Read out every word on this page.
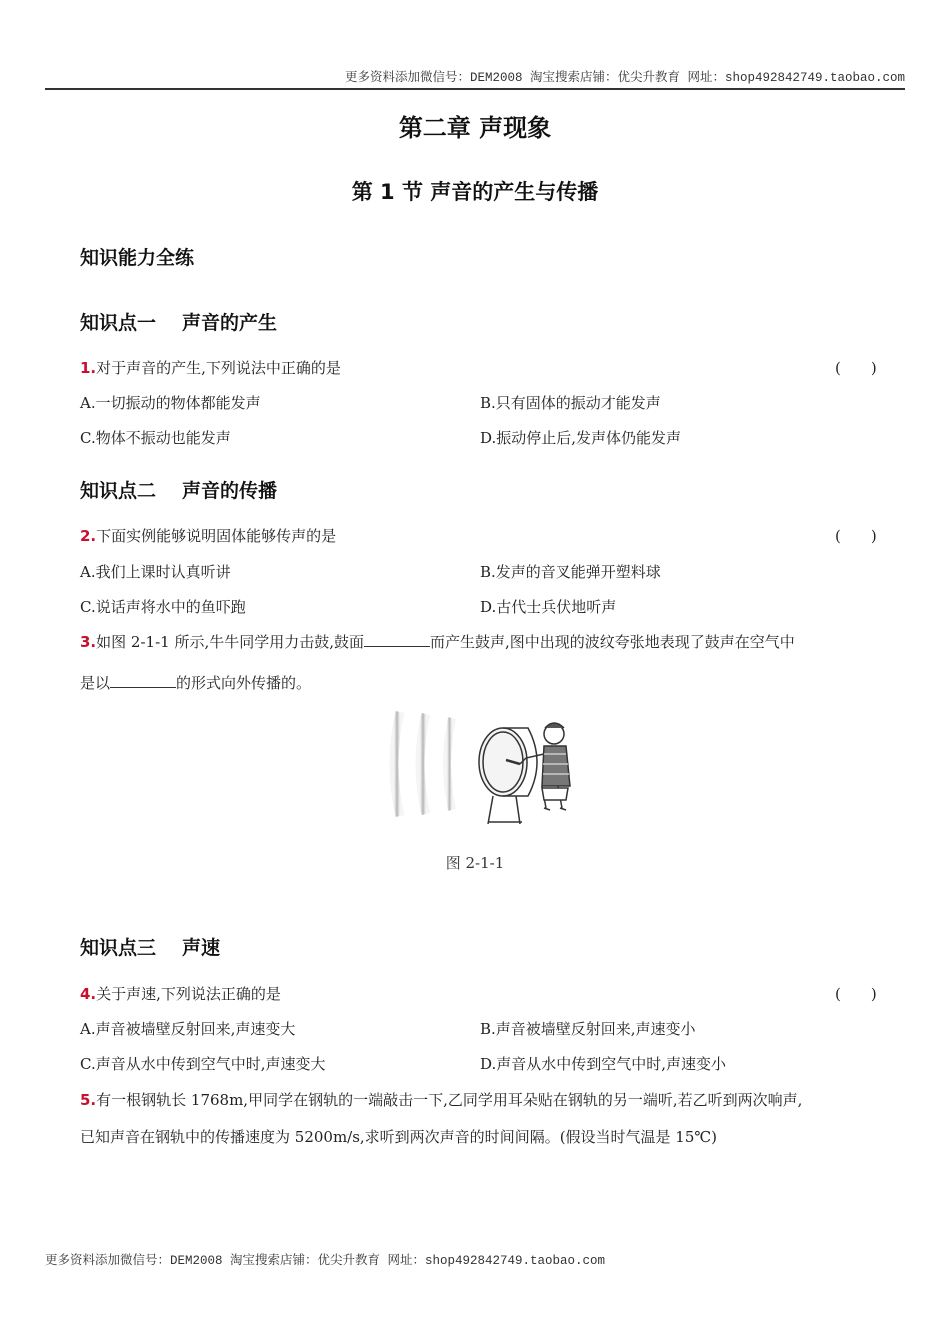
更多资料添加微信号：DEM2008 淘宝搜索店铺：优尖升教育 网址：shop492842749.taobao.com
第二章 声现象
第 1 节 声音的产生与传播
知识能力全练
知识点一 声音的产生
1.对于声音的产生,下列说法中正确的是	(　　)
A.一切振动的物体都能发声	B.只有固体的振动才能发声
C.物体不振动也能发声	D.振动停止后,发声体仍能发声
知识点二 声音的传播
2.下面实例能够说明固体能够传声的是	(　　)
A.我们上课时认真听讲	B.发声的音叉能弹开塑料球
C.说话声将水中的鱼吓跑	D.古代士兵伏地听声
3.如图 2-1-1 所示,牛牛同学用力击鼓,鼓面	而产生鼓声,图中出现的波纹夸张地表现了鼓声在空气中
是以	的形式向外传播的。
图 2-1-1
知识点三 声速
4.关于声速,下列说法正确的是	(　　)
A.声音被墙壁反射回来,声速变大	B.声音被墙壁反射回来,声速变小
C.声音从水中传到空气中时,声速变大	D.声音从水中传到空气中时,声速变小
5.有一根钢轨长 1768m,甲同学在钢轨的一端敲击一下,乙同学用耳朵贴在钢轨的另一端听,若乙听到两次响声,
已知声音在钢轨中的传播速度为 5200m/s,求听到两次声音的时间间隔。(假设当时气温是 15℃)
更多资料添加微信号：DEM2008 淘宝搜索店铺：优尖升教育 网址：shop492842749.taobao.com
